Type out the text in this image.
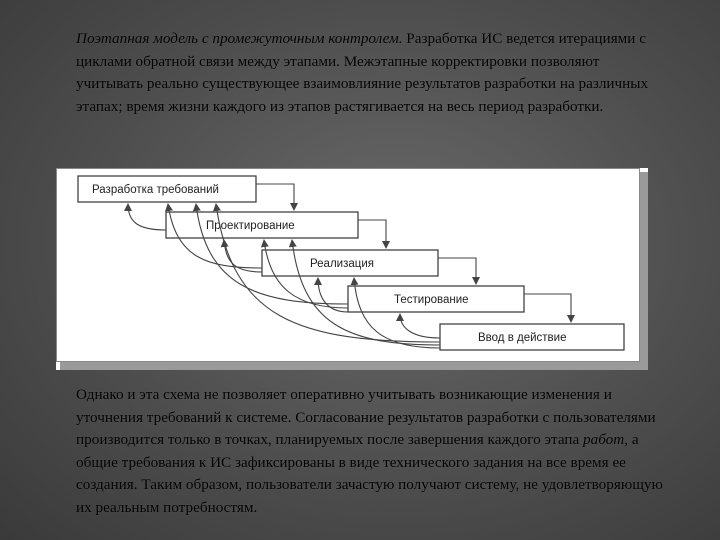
Поэтапная модель с промежуточным контролем. Разработка ИС ведется итерациями с циклами обратной связи между этапами. Межэтапные корректировки позволяют учитывать реально существующее взаимовлияние результатов разработки на различных этапах; время жизни каждого из этапов растягивается на весь период разработки.

Разработка требований
Проектирование
Реализация
Тестирование
Ввод в действие

Однако и эта схема не позволяет оперативно учитывать возникающие изменения и уточнения требований к системе. Согласование результатов разработки с пользователями производится только в точках, планируемых после завершения каждого этапа работ, а общие требования к ИС зафиксированы в виде технического задания на все время ее создания. Таким образом, пользователи зачастую получают систему, не удовлетворяющую их реальным потребностям.
